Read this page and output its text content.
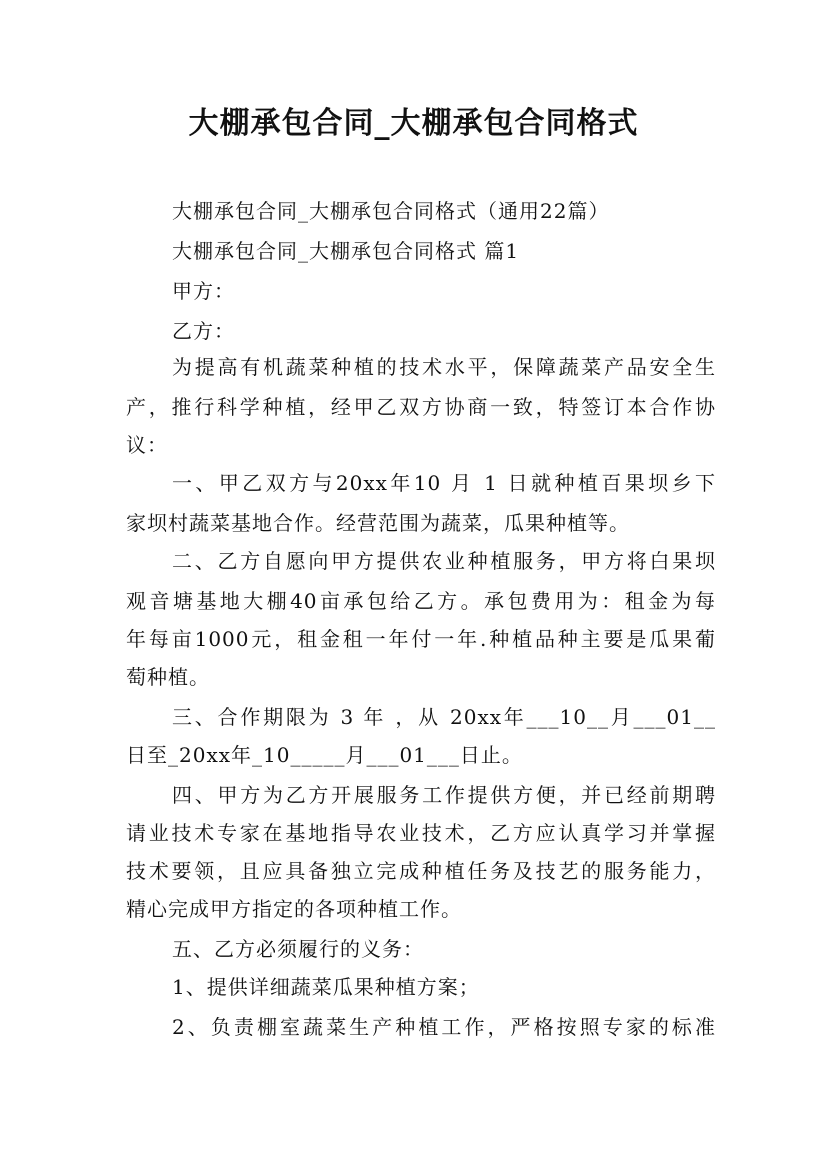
大棚承包合同_大棚承包合同格式
大棚承包合同_大棚承包合同格式（通用22篇）
大棚承包合同_大棚承包合同格式 篇1
甲方：
乙方：
为提高有机蔬菜种植的技术水平，保障蔬菜产品安全生
产，推行科学种植，经甲乙双方协商一致，特签订本合作协
议：
一、甲乙双方与20xx年10 月 1 日就种植百果坝乡下
家坝村蔬菜基地合作。经营范围为蔬菜，瓜果种植等。
二、乙方自愿向甲方提供农业种植服务，甲方将白果坝
观音塘基地大棚40亩承包给乙方。承包费用为：租金为每
年每亩1000元，租金租一年付一年.种植品种主要是瓜果葡
萄种植。
三、合作期限为 3 年 ，从 20xx年___10__月___01__
日至_20xx年_10_____月___01___日止。
四、甲方为乙方开展服务工作提供方便，并已经前期聘
请业技术专家在基地指导农业技术，乙方应认真学习并掌握
技术要领，且应具备独立完成种植任务及技艺的服务能力，
精心完成甲方指定的各项种植工作。
五、乙方必须履行的义务：
1、提供详细蔬菜瓜果种植方案；
2、负责棚室蔬菜生产种植工作，严格按照专家的标准
